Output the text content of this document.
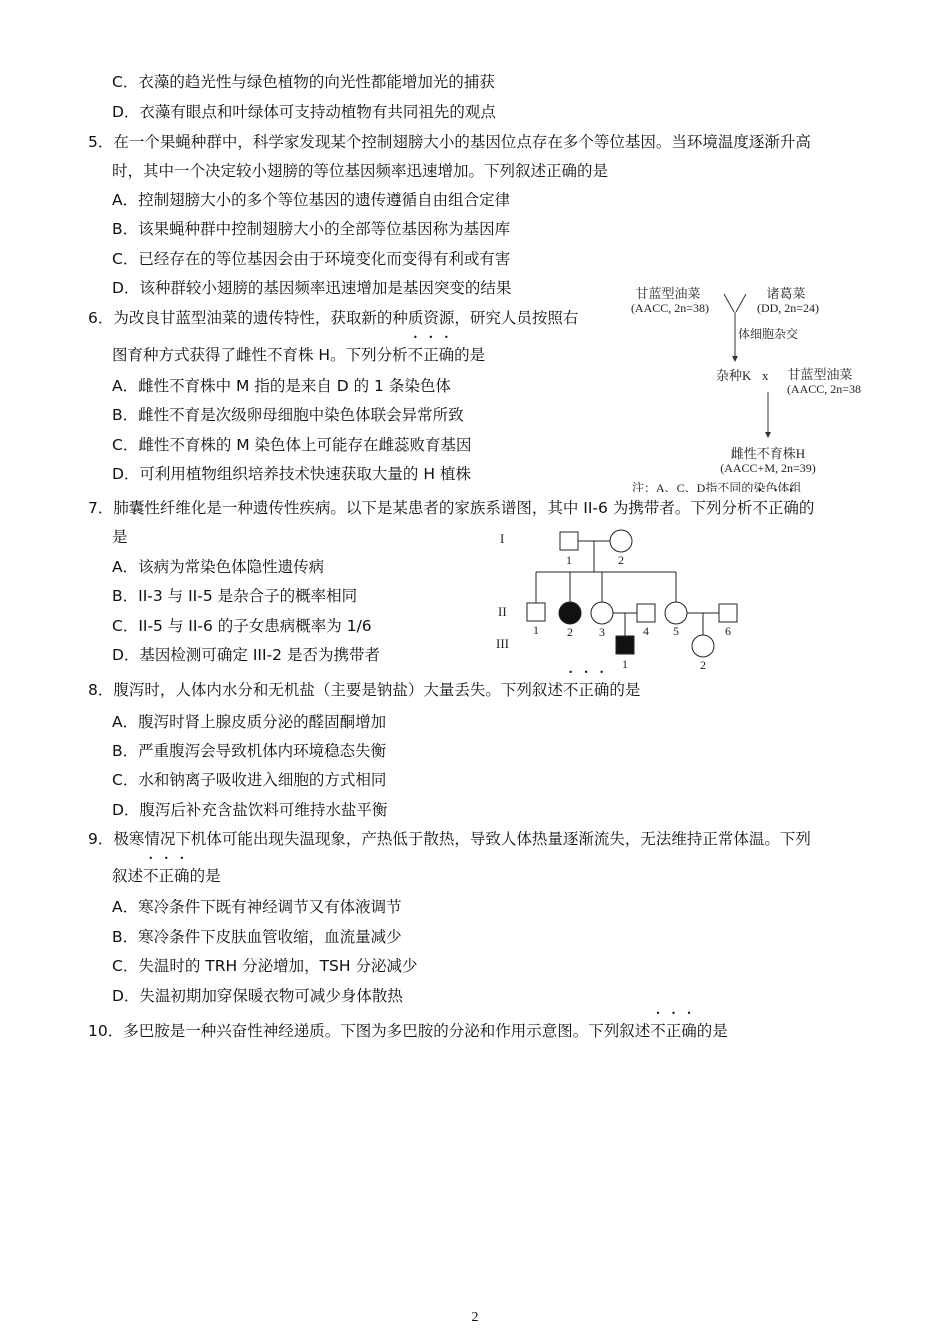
C．衣藻的趋光性与绿色植物的向光性都能增加光的捕获
D．衣藻有眼点和叶绿体可支持动植物有共同祖先的观点
5．在一个果蝇种群中，科学家发现某个控制翅膀大小的基因位点存在多个等位基因。当环境温度逐渐升高
时，其中一个决定较小翅膀的等位基因频率迅速增加。下列叙述正确的是
A．控制翅膀大小的多个等位基因的遗传遵循自由组合定律
B．该果蝇种群中控制翅膀大小的全部等位基因称为基因库
C．已经存在的等位基因会由于环境变化而变得有利或有害
D．该种群较小翅膀的基因频率迅速增加是基因突变的结果
6．为改良甘蓝型油菜的遗传特性，获取新的种质资源，研究人员按照右
图育种方式获得了雌性不育株 H。下列分析不正确的是
A．雌性不育株中 M 指的是来自 D 的 1 条染色体
B．雌性不育是次级卵母细胞中染色体联会异常所致
C．雌性不育株的 M 染色体上可能存在雌蕊败育基因
D．可利用植物组织培养技术快速获取大量的 H 植株
甘蓝型油菜
(AACC, 2n=38)
诸葛菜
(DD, 2n=24)
体细胞杂交
杂种K x 甘蓝型油菜
(AACC, 2n=38
雌性不育株H
(AACC+M, 2n=39)
注：A、C、D指不同的染色体组
7．肺囊性纤维化是一种遗传性疾病。以下是某患者的家族系谱图，其中 II-6 为携带者。下列分析不正确的
是
A．该病为常染色体隐性遗传病
B．II-3 与 II-5 是杂合子的概率相同
C．II-5 与 II-6 的子女患病概率为 1/6
D．基因检测可确定 III-2 是否为携带者
I
II
III
1	2
1 2 3	4 5	6
1	2
8．腹泻时，人体内水分和无机盐（主要是钠盐）大量丢失。下列叙述不正确的是
A．腹泻时肾上腺皮质分泌的醛固酮增加
B．严重腹泻会导致机体内环境稳态失衡
C．水和钠离子吸收进入细胞的方式相同
D．腹泻后补充含盐饮料可维持水盐平衡
9．极寒情况下机体可能出现失温现象，产热低于散热，导致人体热量逐渐流失，无法维持正常体温。下列
叙述不正确的是
A．寒冷条件下既有神经调节又有体液调节
B．寒冷条件下皮肤血管收缩，血流量减少
C．失温时的 TRH 分泌增加，TSH 分泌减少
D．失温初期加穿保暖衣物可减少身体散热
10．多巴胺是一种兴奋性神经递质。下图为多巴胺的分泌和作用示意图。下列叙述不正确的是
2
